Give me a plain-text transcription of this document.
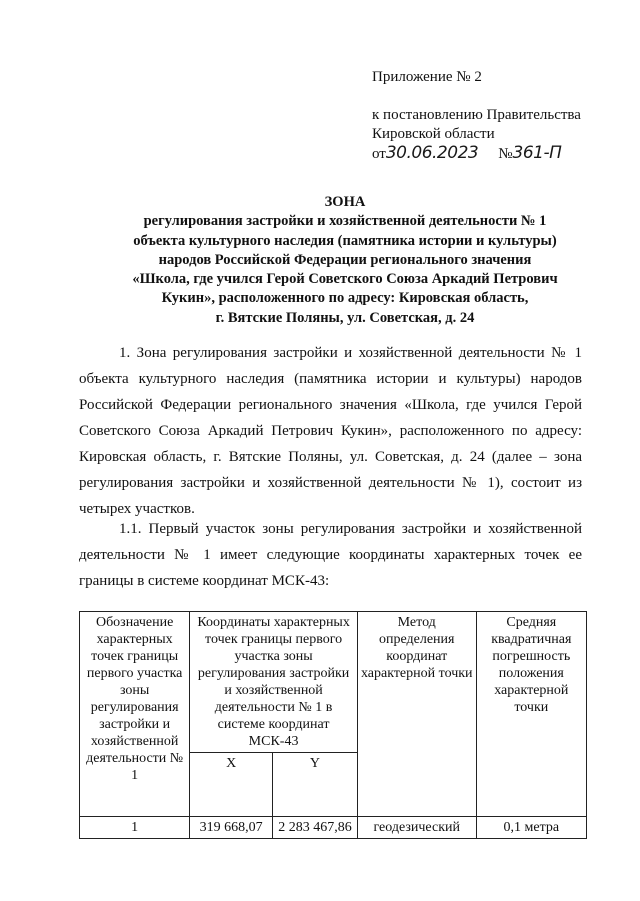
Приложение № 2
к постановлению Правительства
Кировской области
от30.06.2023 №361-П
ЗОНА
регулирования застройки и хозяйственной деятельности № 1
объекта культурного наследия (памятника истории и культуры)
народов Российской Федерации регионального значения
«Школа, где учился Герой Советского Союза Аркадий Петрович
Кукин», расположенного по адресу: Кировская область,
г. Вятские Поляны, ул. Советская, д. 24

1. Зона регулирования застройки и хозяйственной деятельности № 1 объекта культурного наследия (памятника истории и культуры) народов Российской Федерации регионального значения «Школа, где учился Герой Советского Союза Аркадий Петрович Кукин», расположенного по адресу: Кировская область, г. Вятские Поляны, ул. Советская, д. 24 (далее – зона регулирования застройки и хозяйственной деятельности № 1), состоит из четырех участков.

1.1. Первый участок зоны регулирования застройки и хозяйственной деятельности № 1 имеет следующие координаты характерных точек ее границы в системе координат МСК-43:

Обозначение характерных точек границы первого участка зоны регулирования застройки и хозяйственной деятельности № 1	Координаты характерных точек границы первого участка зоны регулирования застройки и хозяйственной деятельности № 1 в системе координат МСК-43		Метод определения координат характерной точки	Средняя квадратичная погрешность положения характерной точки
	X	Y		
1	319 668,07	2 283 467,86	геодезический	0,1 метра
